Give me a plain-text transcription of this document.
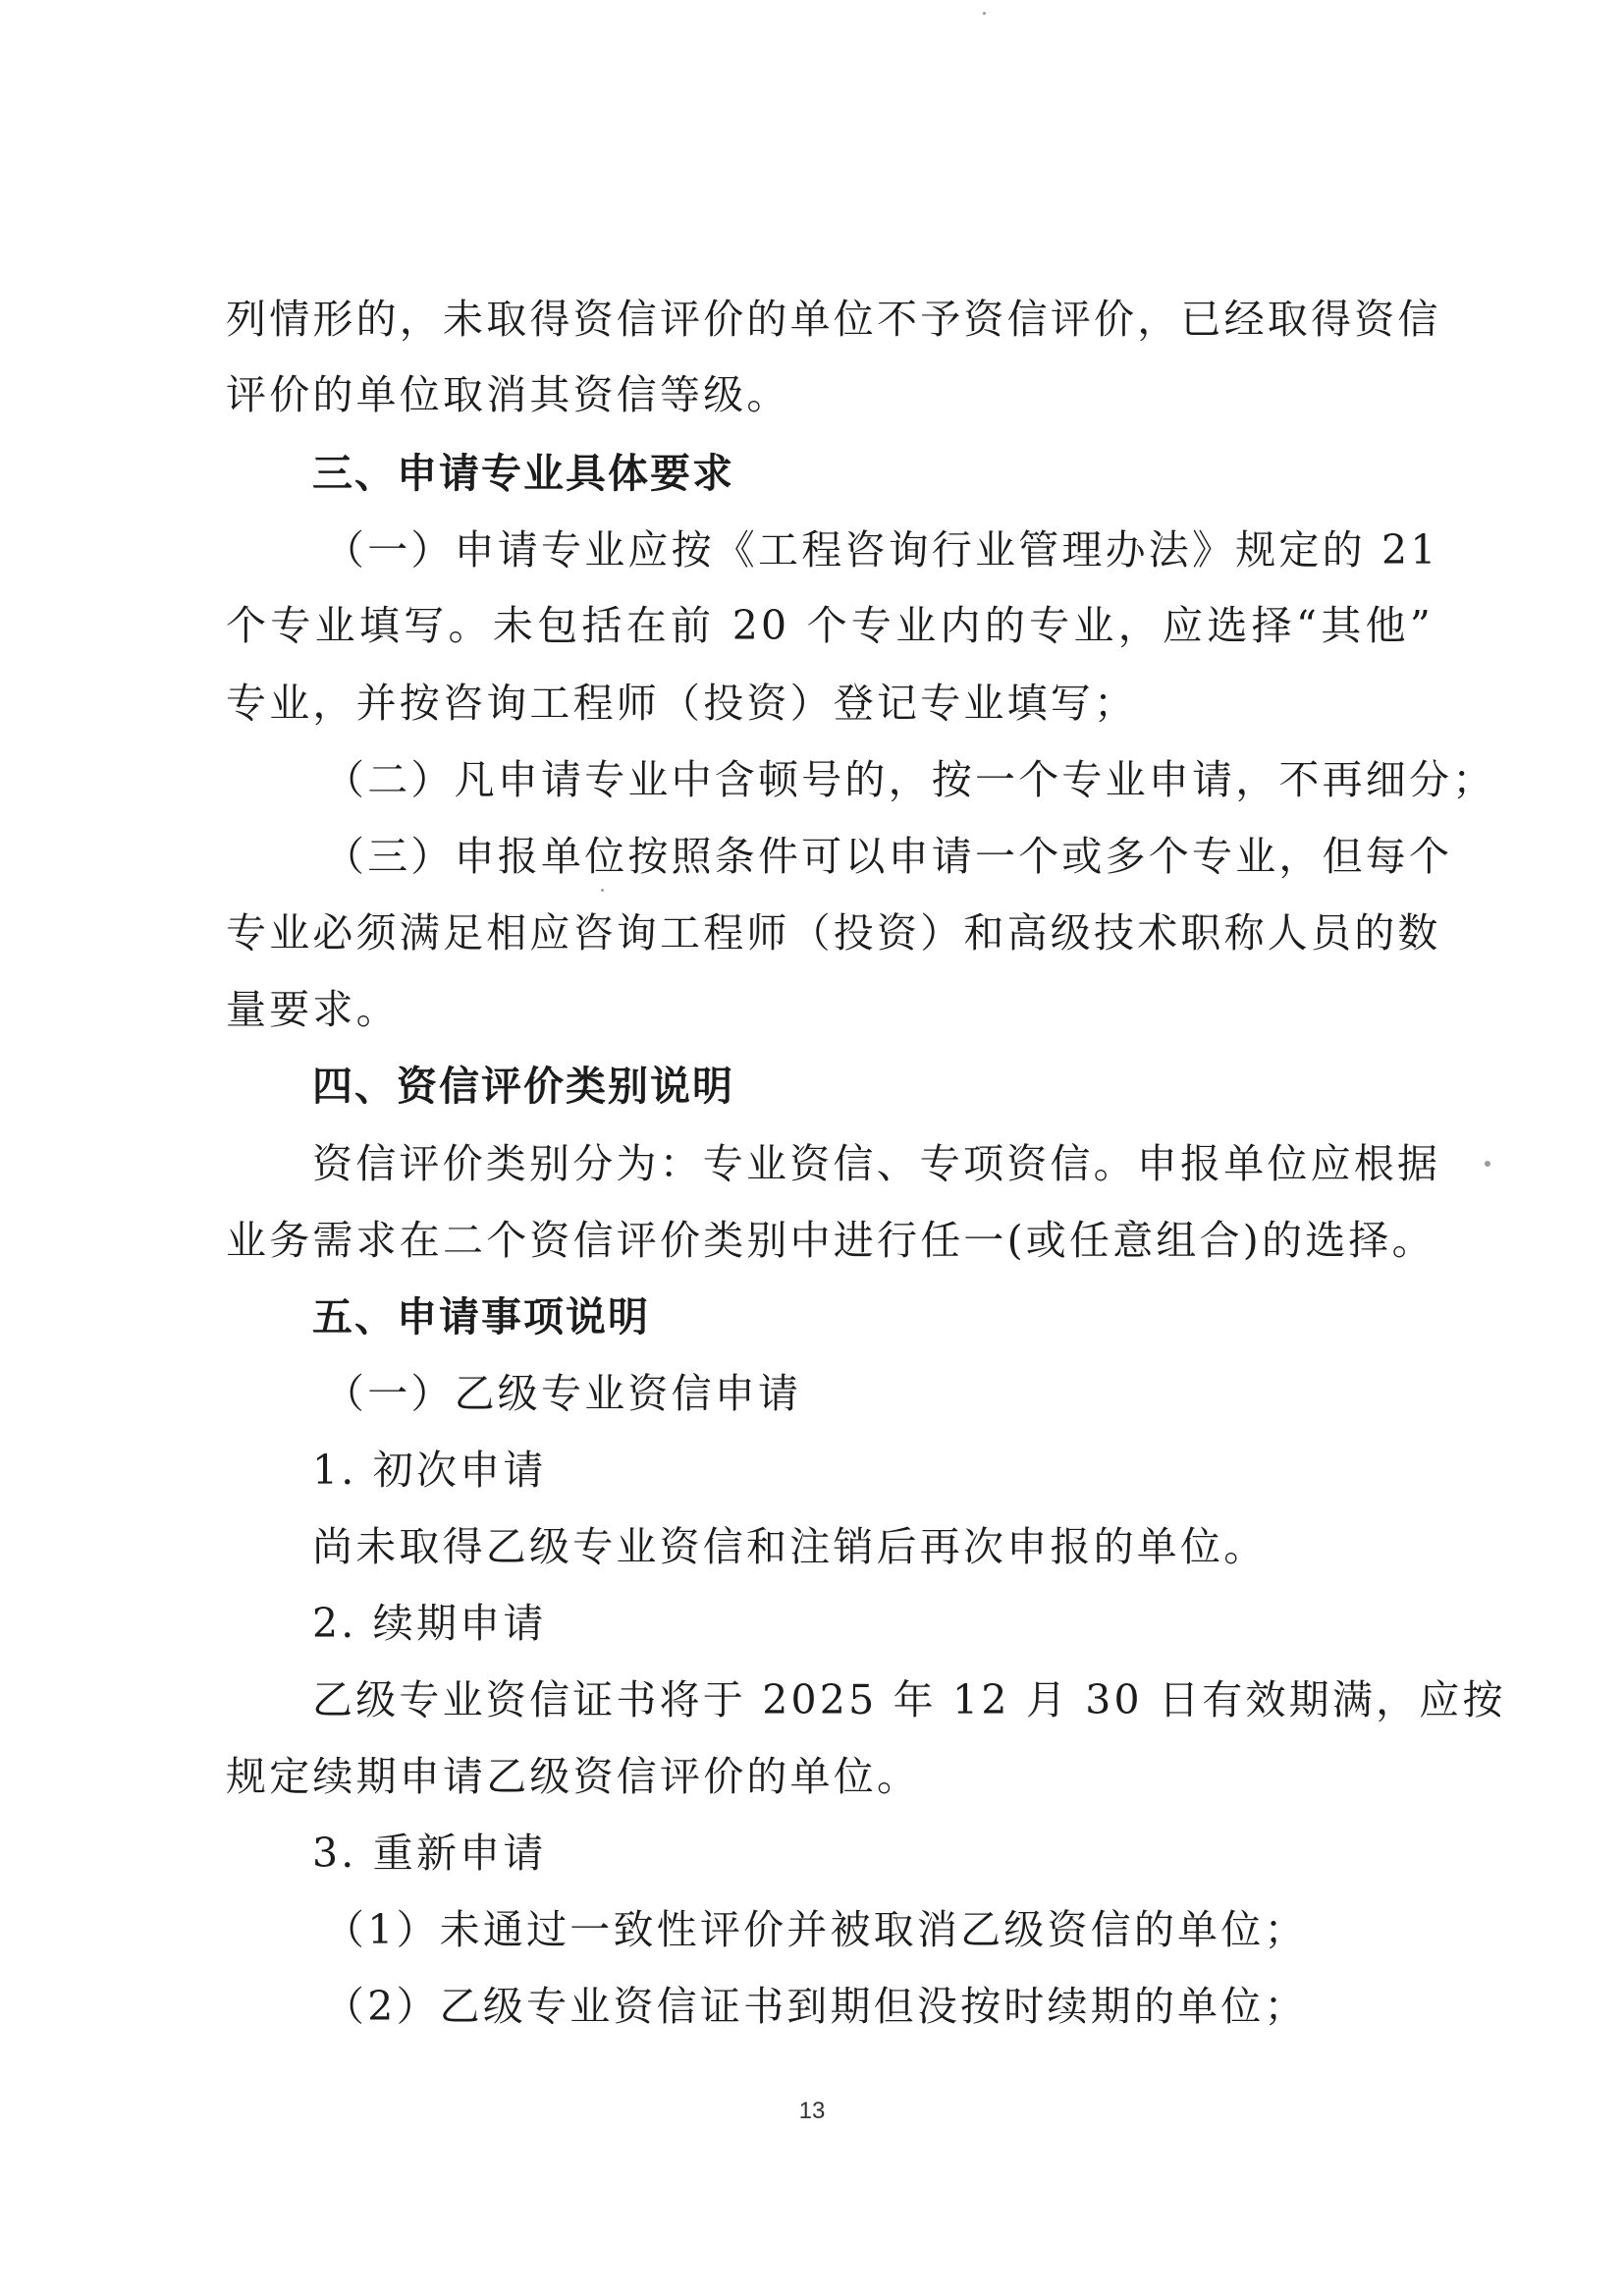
列情形的，未取得资信评价的单位不予资信评价，已经取得资信
评价的单位取消其资信等级。
三、申请专业具体要求
（一）申请专业应按《工程咨询行业管理办法》规定的 21
个专业填写。未包括在前 20 个专业内的专业，应选择“其他”
专业，并按咨询工程师（投资）登记专业填写；
（二）凡申请专业中含顿号的，按一个专业申请，不再细分；
（三）申报单位按照条件可以申请一个或多个专业，但每个
专业必须满足相应咨询工程师（投资）和高级技术职称人员的数
量要求。
四、资信评价类别说明
资信评价类别分为：专业资信、专项资信。申报单位应根据
业务需求在二个资信评价类别中进行任一(或任意组合)的选择。
五、申请事项说明
（一）乙级专业资信申请
1. 初次申请
尚未取得乙级专业资信和注销后再次申报的单位。
2. 续期申请
乙级专业资信证书将于 2025 年 12 月 30 日有效期满，应按
规定续期申请乙级资信评价的单位。
3. 重新申请
（1）未通过一致性评价并被取消乙级资信的单位；
（2）乙级专业资信证书到期但没按时续期的单位；
13
